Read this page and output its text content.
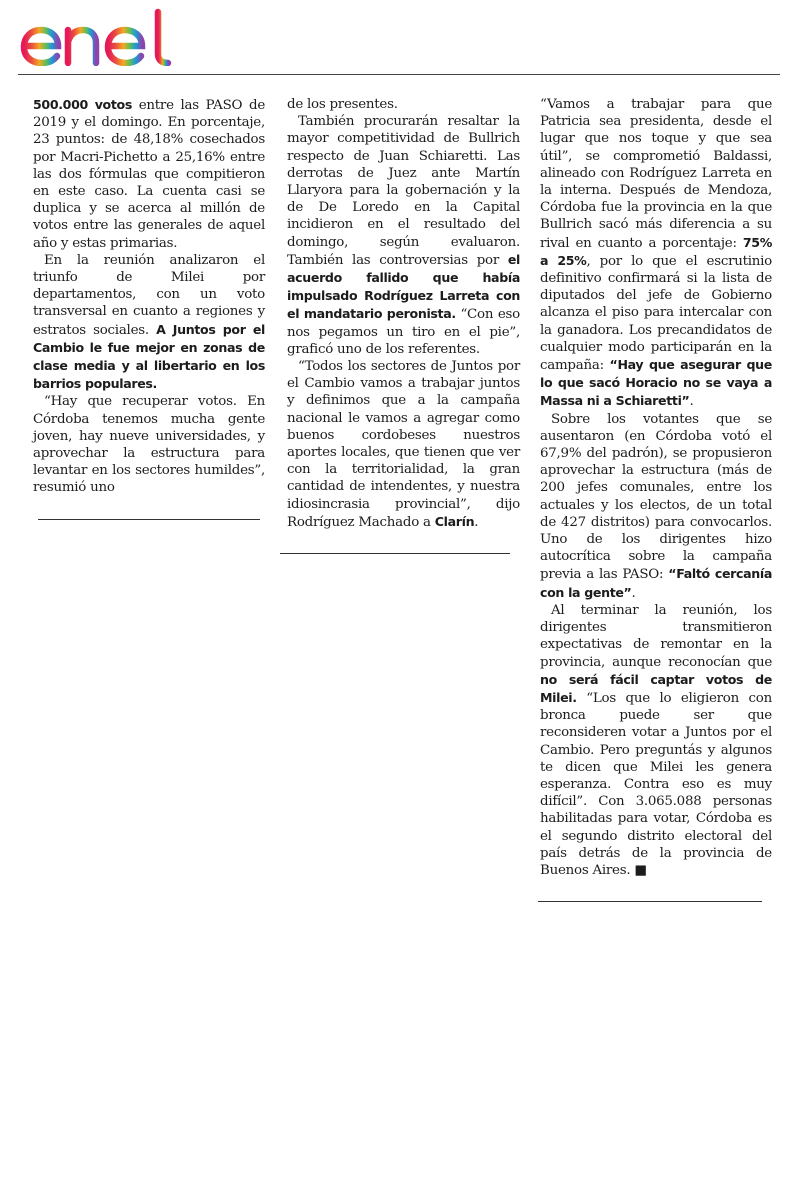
500.000 votos entre las PASO de 2019 y el domingo. En porcentaje, 23 puntos: de 48,18% cosechados por Macri-Pichetto a 25,16% entre las dos fórmulas que compitieron en este caso. La cuenta casi se duplica y se acerca al millón de votos entre las generales de aquel año y estas primarias.

En la reunión analizaron el triunfo de Milei por departamentos, con un voto transversal en cuanto a regiones y estratos sociales. A Juntos por el Cambio le fue mejor en zonas de clase media y al libertario en los barrios populares.

“Hay que recuperar votos. En Córdoba tenemos mucha gente joven, hay nueve universidades, y aprovechar la estructura para levantar en los sectores humildes”, resumió uno

de los presentes.

También procurarán resaltar la mayor competitividad de Bullrich respecto de Juan Schiaretti. Las derrotas de Juez ante Martín Llaryora para la gobernación y la de De Loredo en la Capital incidieron en el resultado del domingo, según evaluaron. También las controversias por el acuerdo fallido que había impulsado Rodríguez Larreta con el mandatario peronista. “Con eso nos pegamos un tiro en el pie”, graficó uno de los referentes.

“Todos los sectores de Juntos por el Cambio vamos a trabajar juntos y definimos que a la campaña nacional le vamos a agregar como buenos cordobeses nuestros aportes locales, que tienen que ver con la territorialidad, la gran cantidad de intendentes, y nuestra idiosincrasia provincial”, dijo Rodríguez Machado a Clarín.

“Vamos a trabajar para que Patricia sea presidenta, desde el lugar que nos toque y que sea útil”, se comprometió Baldassi, alineado con Rodríguez Larreta en la interna. Después de Mendoza, Córdoba fue la provincia en la que Bullrich sacó más diferencia a su rival en cuanto a porcentaje: 75% a 25%, por lo que el escrutinio definitivo confirmará si la lista de diputados del jefe de Gobierno alcanza el piso para intercalar con la ganadora. Los precandidatos de cualquier modo participarán en la campaña: “Hay que asegurar que lo que sacó Horacio no se vaya a Massa ni a Schiaretti”.

Sobre los votantes que se ausentaron (en Córdoba votó el 67,9% del padrón), se propusieron aprovechar la estructura (más de 200 jefes comunales, entre los actuales y los electos, de un total de 427 distritos) para convocarlos. Uno de los dirigentes hizo autocrítica sobre la campaña previa a las PASO: “Faltó cercanía con la gente”.

Al terminar la reunión, los dirigentes transmitieron expectativas de remontar en la provincia, aunque reconocían que no será fácil captar votos de Milei. “Los que lo eligieron con bronca puede ser que reconsideren votar a Juntos por el Cambio. Pero preguntás y algunos te dicen que Milei les genera esperanza. Contra eso es muy difícil”. Con 3.065.088 personas habilitadas para votar, Córdoba es el segundo distrito electoral del país detrás de la provincia de Buenos Aires. ■
